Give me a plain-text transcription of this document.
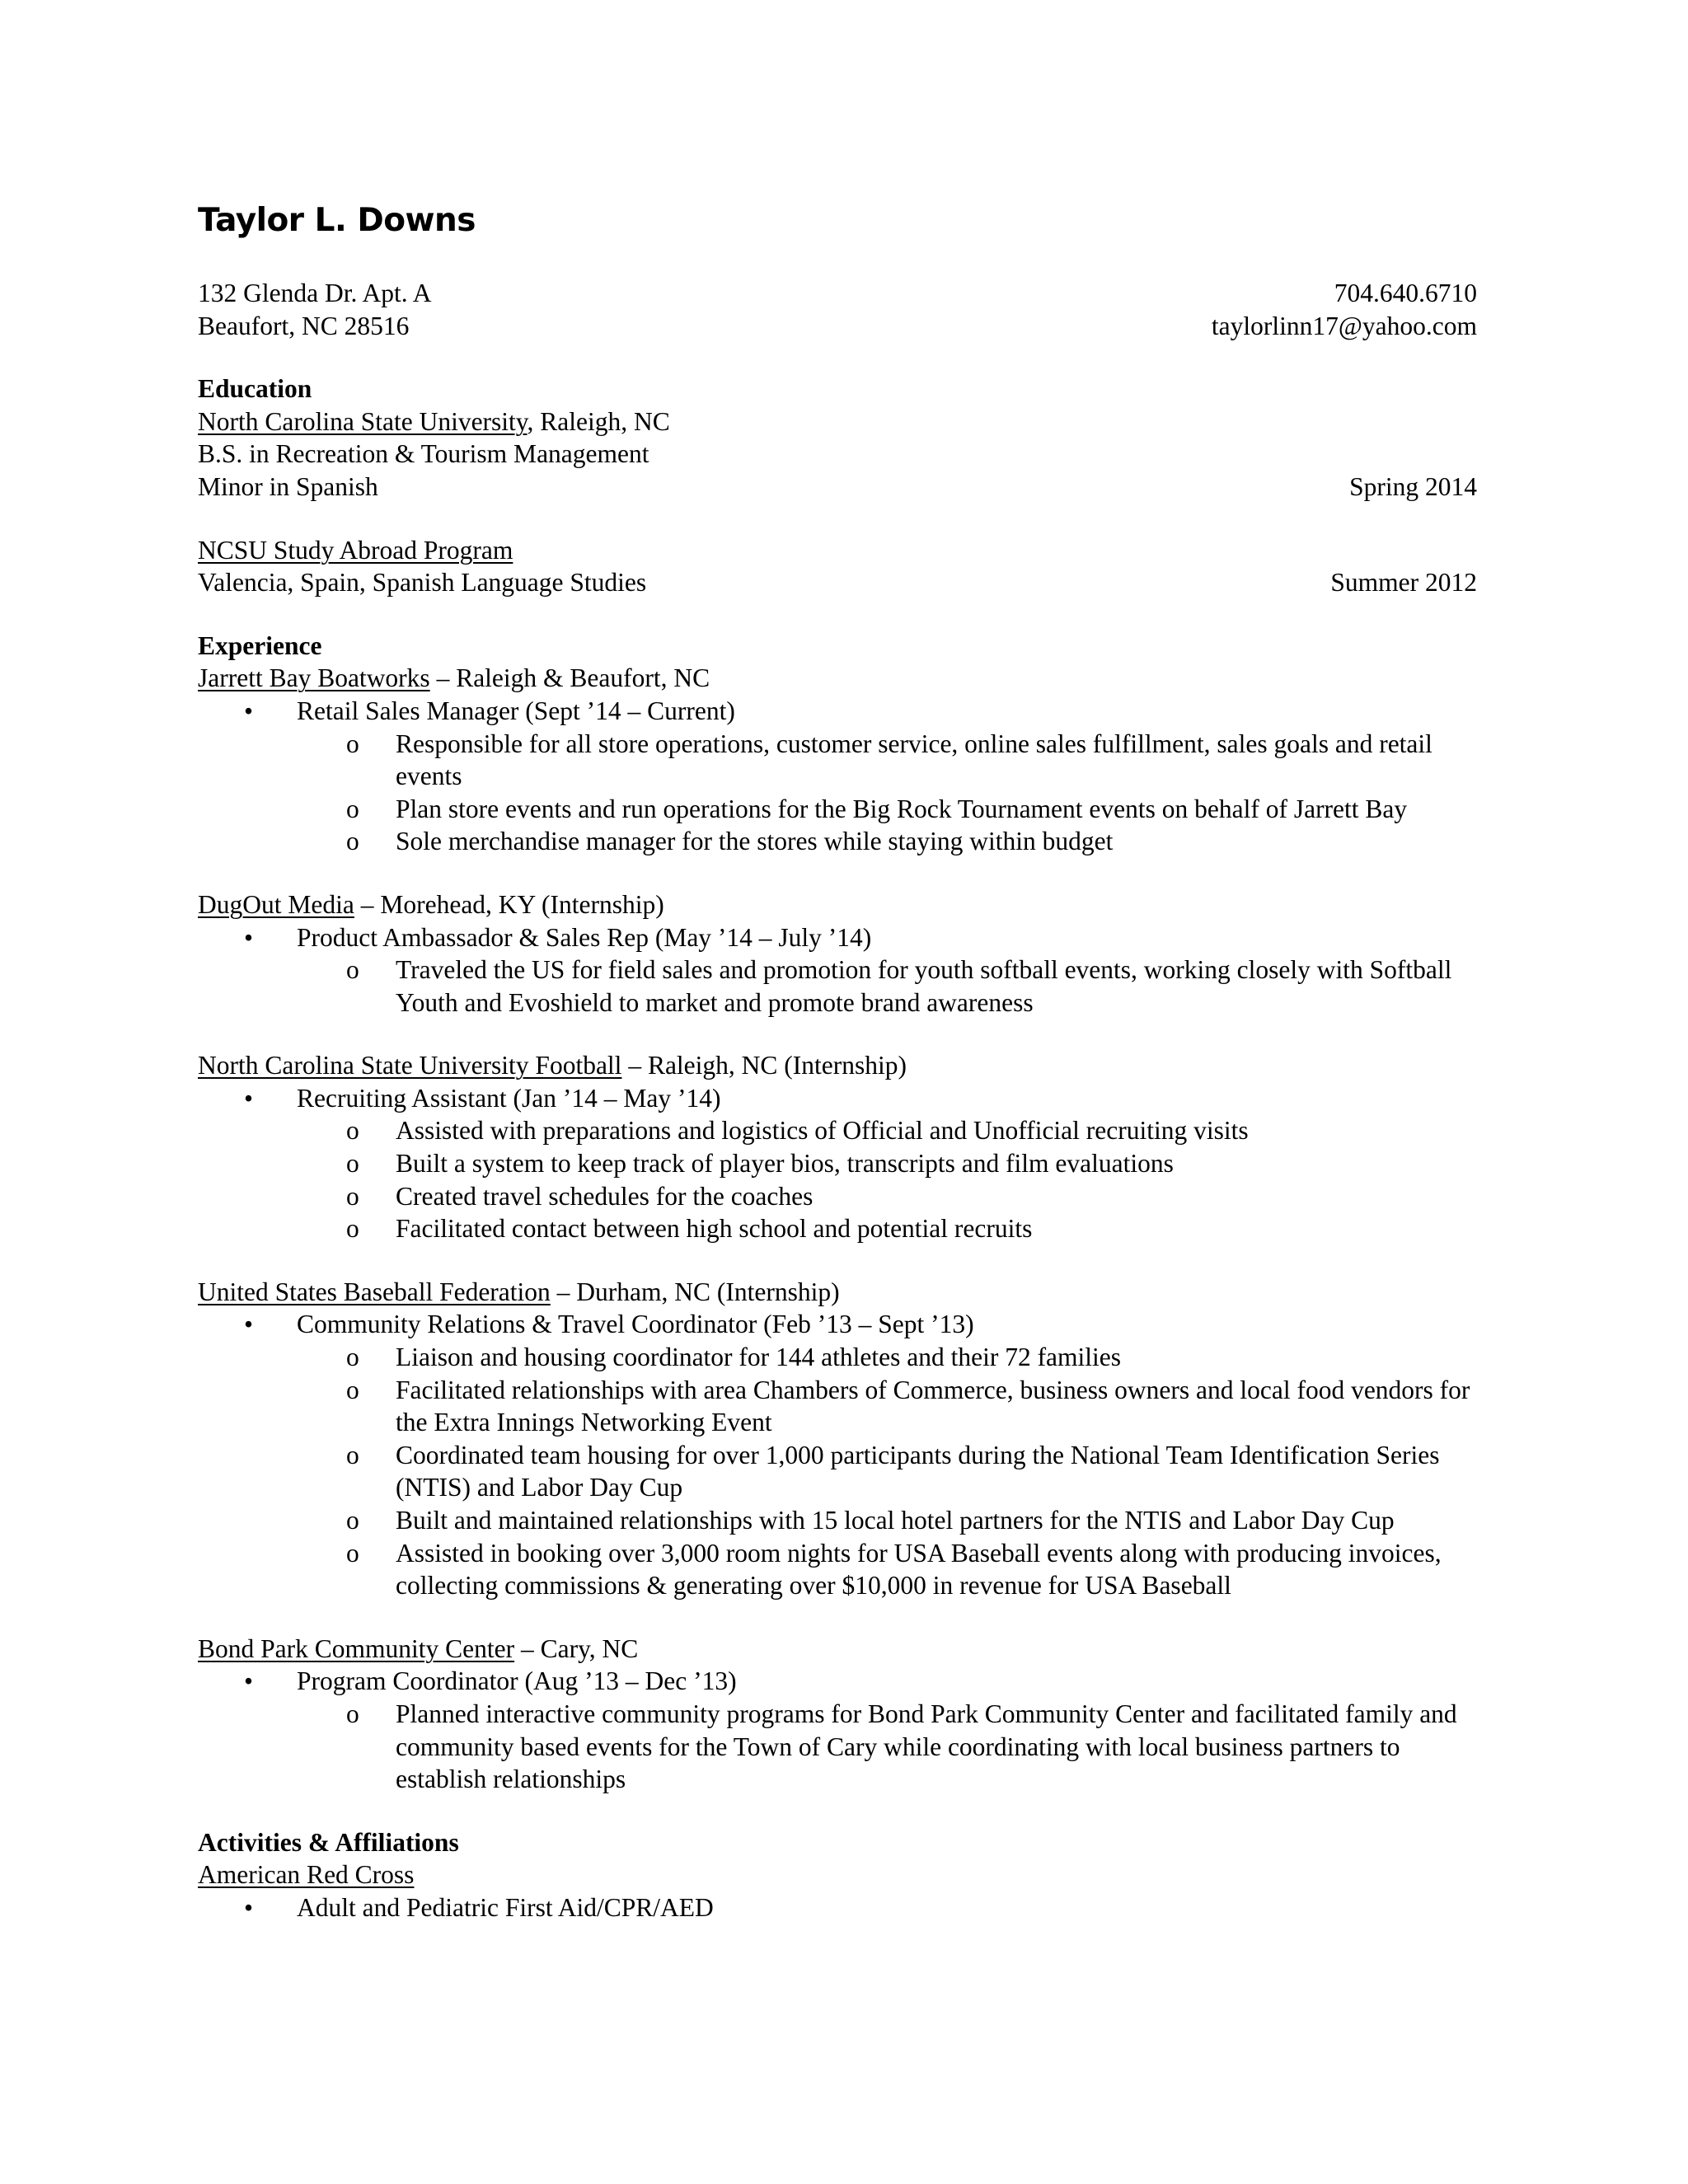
Taylor L. Downs
132 Glenda Dr. Apt. A	704.640.6710
Beaufort, NC 28516	taylorlinn17@yahoo.com
Education
North Carolina State University, Raleigh, NC
B.S. in Recreation & Tourism Management
Minor in Spanish	Spring 2014
NCSU Study Abroad Program
Valencia, Spain, Spanish Language Studies	Summer 2012
Experience
Jarrett Bay Boatworks – Raleigh & Beaufort, NC
• Retail Sales Manager (Sept ’14 – Current)
o Responsible for all store operations, customer service, online sales fulfillment, sales goals and retail events
o Plan store events and run operations for the Big Rock Tournament events on behalf of Jarrett Bay
o Sole merchandise manager for the stores while staying within budget
DugOut Media – Morehead, KY (Internship)
• Product Ambassador & Sales Rep (May ’14 – July ’14)
o Traveled the US for field sales and promotion for youth softball events, working closely with Softball Youth and Evoshield to market and promote brand awareness
North Carolina State University Football – Raleigh, NC (Internship)
• Recruiting Assistant (Jan ’14 – May ’14)
o Assisted with preparations and logistics of Official and Unofficial recruiting visits
o Built a system to keep track of player bios, transcripts and film evaluations
o Created travel schedules for the coaches
o Facilitated contact between high school and potential recruits
United States Baseball Federation – Durham, NC (Internship)
• Community Relations & Travel Coordinator (Feb ’13 – Sept ’13)
o Liaison and housing coordinator for 144 athletes and their 72 families
o Facilitated relationships with area Chambers of Commerce, business owners and local food vendors for the Extra Innings Networking Event
o Coordinated team housing for over 1,000 participants during the National Team Identification Series (NTIS) and Labor Day Cup
o Built and maintained relationships with 15 local hotel partners for the NTIS and Labor Day Cup
o Assisted in booking over 3,000 room nights for USA Baseball events along with producing invoices, collecting commissions & generating over $10,000 in revenue for USA Baseball
Bond Park Community Center – Cary, NC
• Program Coordinator (Aug ’13 – Dec ’13)
o Planned interactive community programs for Bond Park Community Center and facilitated family and community based events for the Town of Cary while coordinating with local business partners to establish relationships
Activities & Affiliations
American Red Cross
• Adult and Pediatric First Aid/CPR/AED
